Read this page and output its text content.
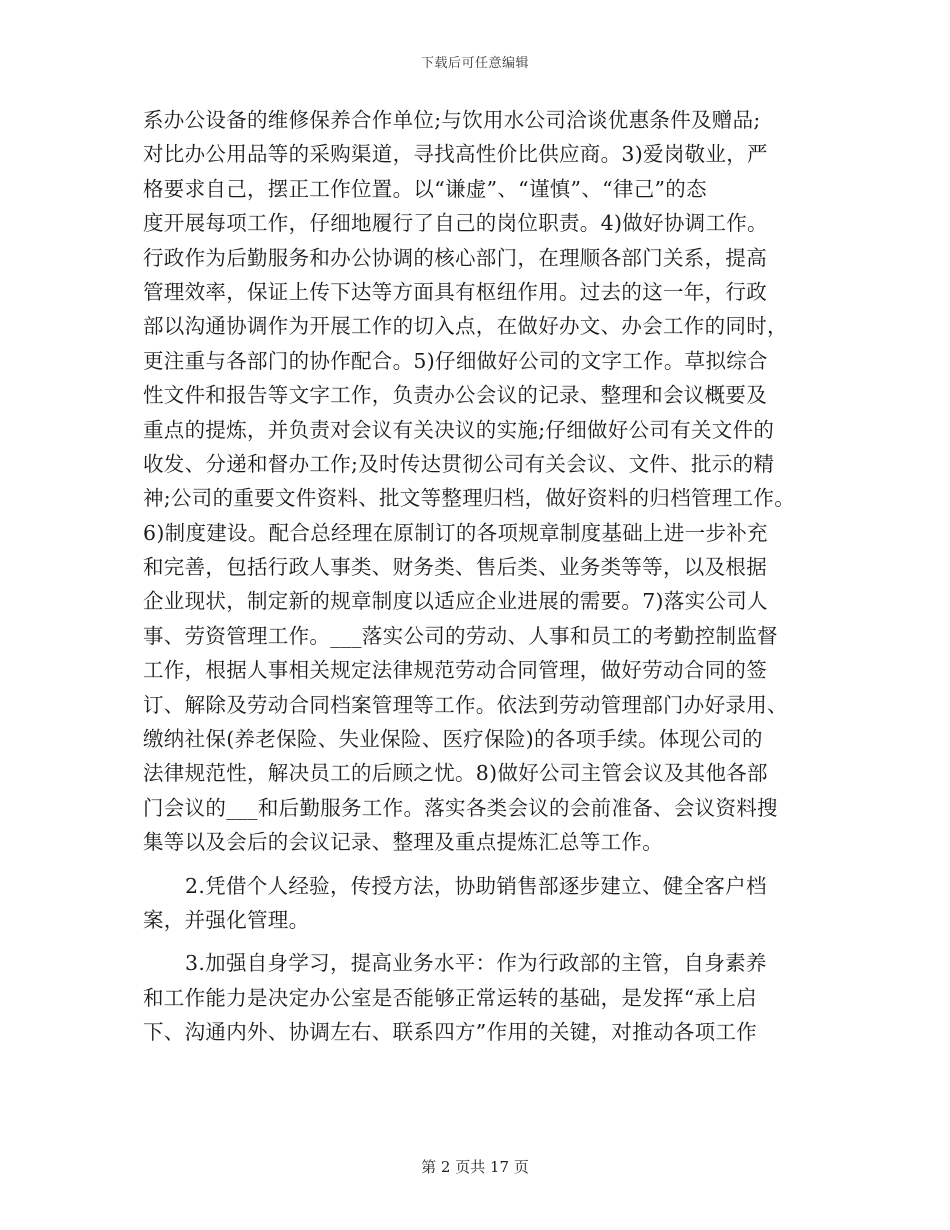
下载后可任意编辑
系办公设备的维修保养合作单位;与饮用水公司洽谈优惠条件及赠品;
对比办公用品等的采购渠道，寻找高性价比供应商。3)爱岗敬业，严
格要求自己，摆正工作位置。以“谦虚”、“谨慎”、“律己”的态
度开展每项工作，仔细地履行了自己的岗位职责。4)做好协调工作。
行政作为后勤服务和办公协调的核心部门，在理顺各部门关系，提高
管理效率，保证上传下达等方面具有枢纽作用。过去的这一年，行政
部以沟通协调作为开展工作的切入点，在做好办文、办会工作的同时，
更注重与各部门的协作配合。5)仔细做好公司的文字工作。草拟综合
性文件和报告等文字工作，负责办公会议的记录、整理和会议概要及
重点的提炼，并负责对会议有关决议的实施;仔细做好公司有关文件的
收发、分递和督办工作;及时传达贯彻公司有关会议、文件、批示的精
神;公司的重要文件资料、批文等整理归档，做好资料的归档管理工作。
6)制度建设。配合总经理在原制订的各项规章制度基础上进一步补充
和完善，包括行政人事类、财务类、售后类、业务类等等，以及根据
企业现状，制定新的规章制度以适应企业进展的需要。7)落实公司人
事、劳资管理工作。___落实公司的劳动、人事和员工的考勤控制监督
工作，根据人事相关规定法律规范劳动合同管理，做好劳动合同的签
订、解除及劳动合同档案管理等工作。依法到劳动管理部门办好录用、
缴纳社保(养老保险、失业保险、医疗保险)的各项手续。体现公司的
法律规范性，解决员工的后顾之忧。8)做好公司主管会议及其他各部
门会议的___和后勤服务工作。落实各类会议的会前准备、会议资料搜
集等以及会后的会议记录、整理及重点提炼汇总等工作。
2.凭借个人经验，传授方法，协助销售部逐步建立、健全客户档
案，并强化管理。
3.加强自身学习，提高业务水平：作为行政部的主管，自身素养
和工作能力是决定办公室是否能够正常运转的基础，是发挥“承上启
下、沟通内外、协调左右、联系四方”作用的关键，对推动各项工作
第 2 页共 17 页
